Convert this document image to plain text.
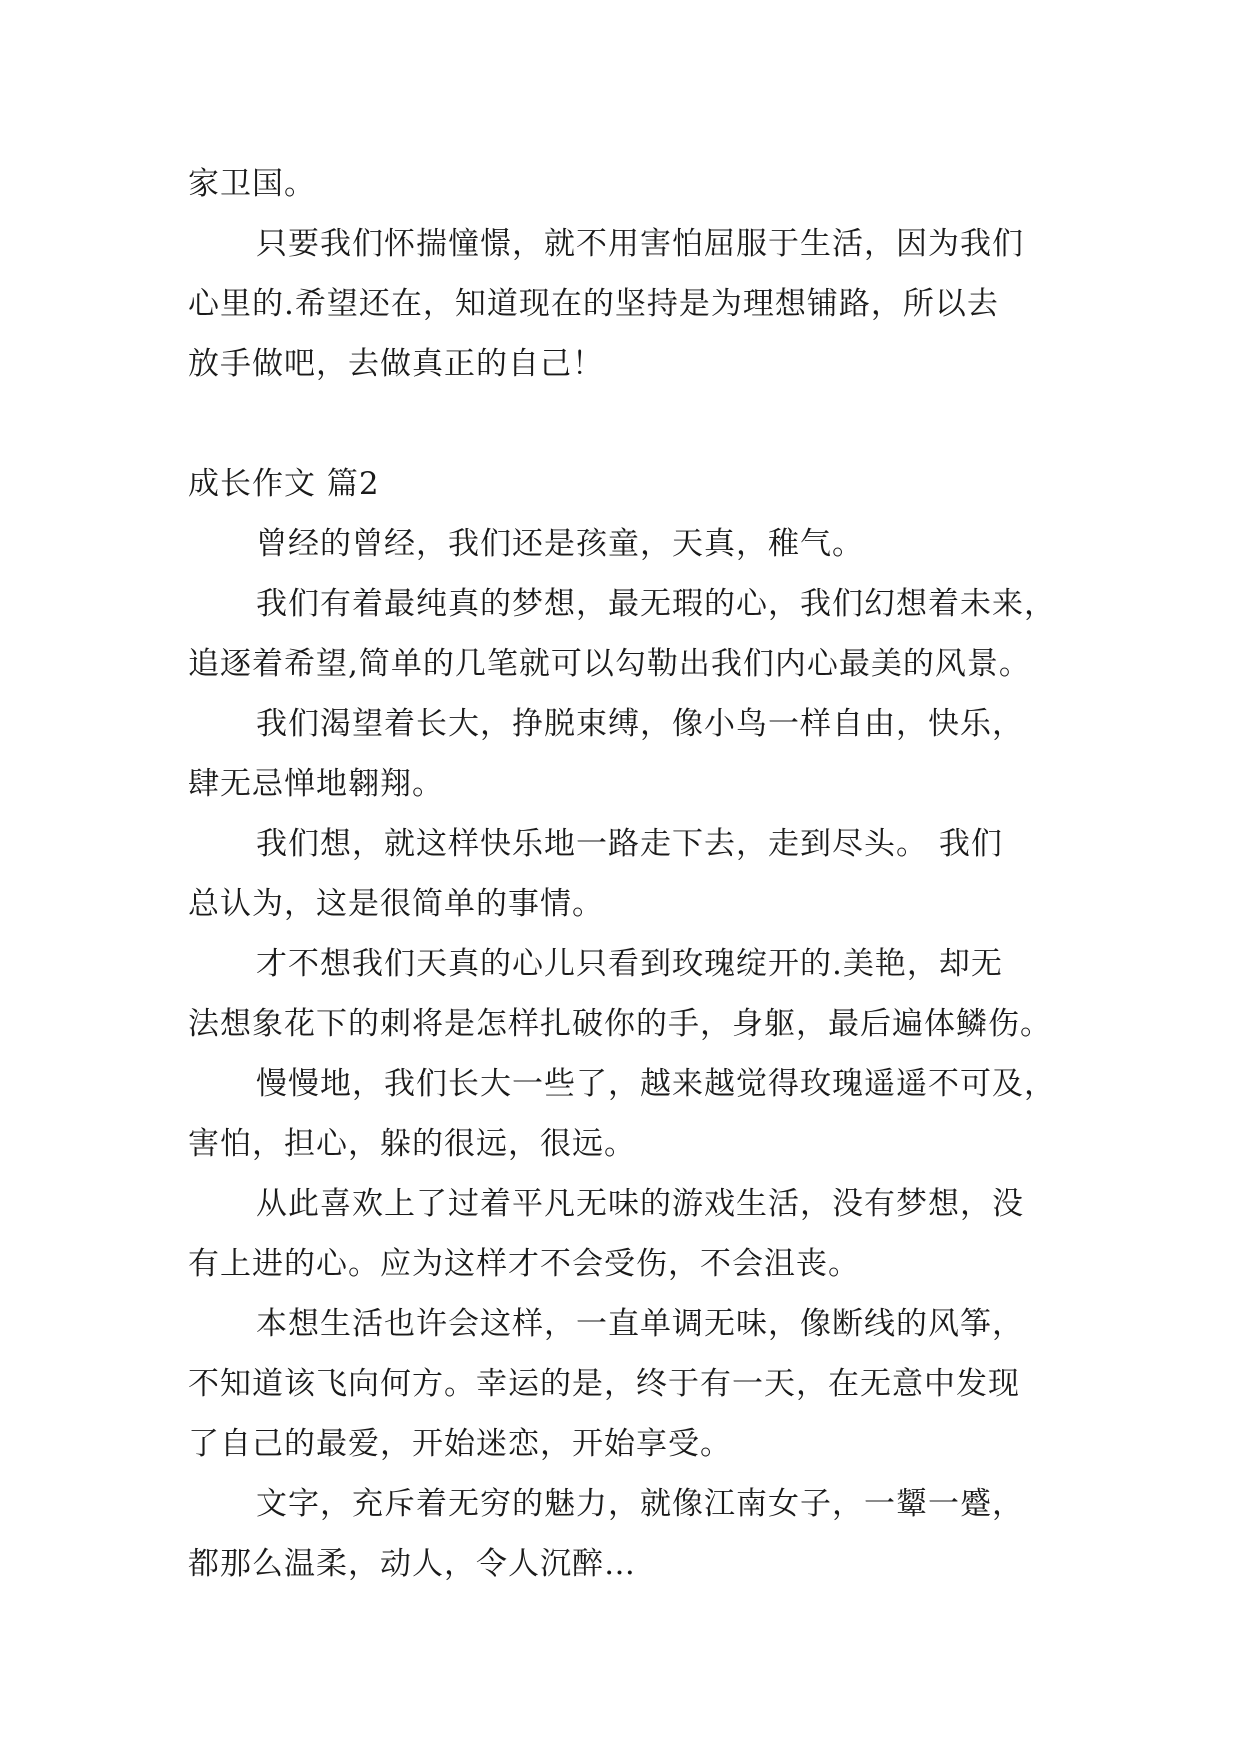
家卫国。
只要我们怀揣憧憬，就不用害怕屈服于生活，因为我们
心里的.希望还在，知道现在的坚持是为理想铺路，所以去
放手做吧，去做真正的自己！
成长作文 篇2
曾经的曾经，我们还是孩童，天真，稚气。
我们有着最纯真的梦想，最无瑕的心，我们幻想着未来，
追逐着希望,简单的几笔就可以勾勒出我们内心最美的风景。
我们渴望着长大，挣脱束缚，像小鸟一样自由，快乐，
肆无忌惮地翱翔。
我们想，就这样快乐地一路走下去，走到尽头。 我们
总认为，这是很简单的事情。
才不想我们天真的心儿只看到玫瑰绽开的.美艳，却无
法想象花下的刺将是怎样扎破你的手，身躯，最后遍体鳞伤。
慢慢地，我们长大一些了，越来越觉得玫瑰遥遥不可及，
害怕，担心，躲的很远，很远。
从此喜欢上了过着平凡无味的游戏生活，没有梦想，没
有上进的心。应为这样才不会受伤，不会沮丧。
本想生活也许会这样，一直单调无味，像断线的风筝，
不知道该飞向何方。幸运的是，终于有一天，在无意中发现
了自己的最爱，开始迷恋，开始享受。
文字，充斥着无穷的魅力，就像江南女子，一颦一蹙，
都那么温柔，动人，令人沉醉…
